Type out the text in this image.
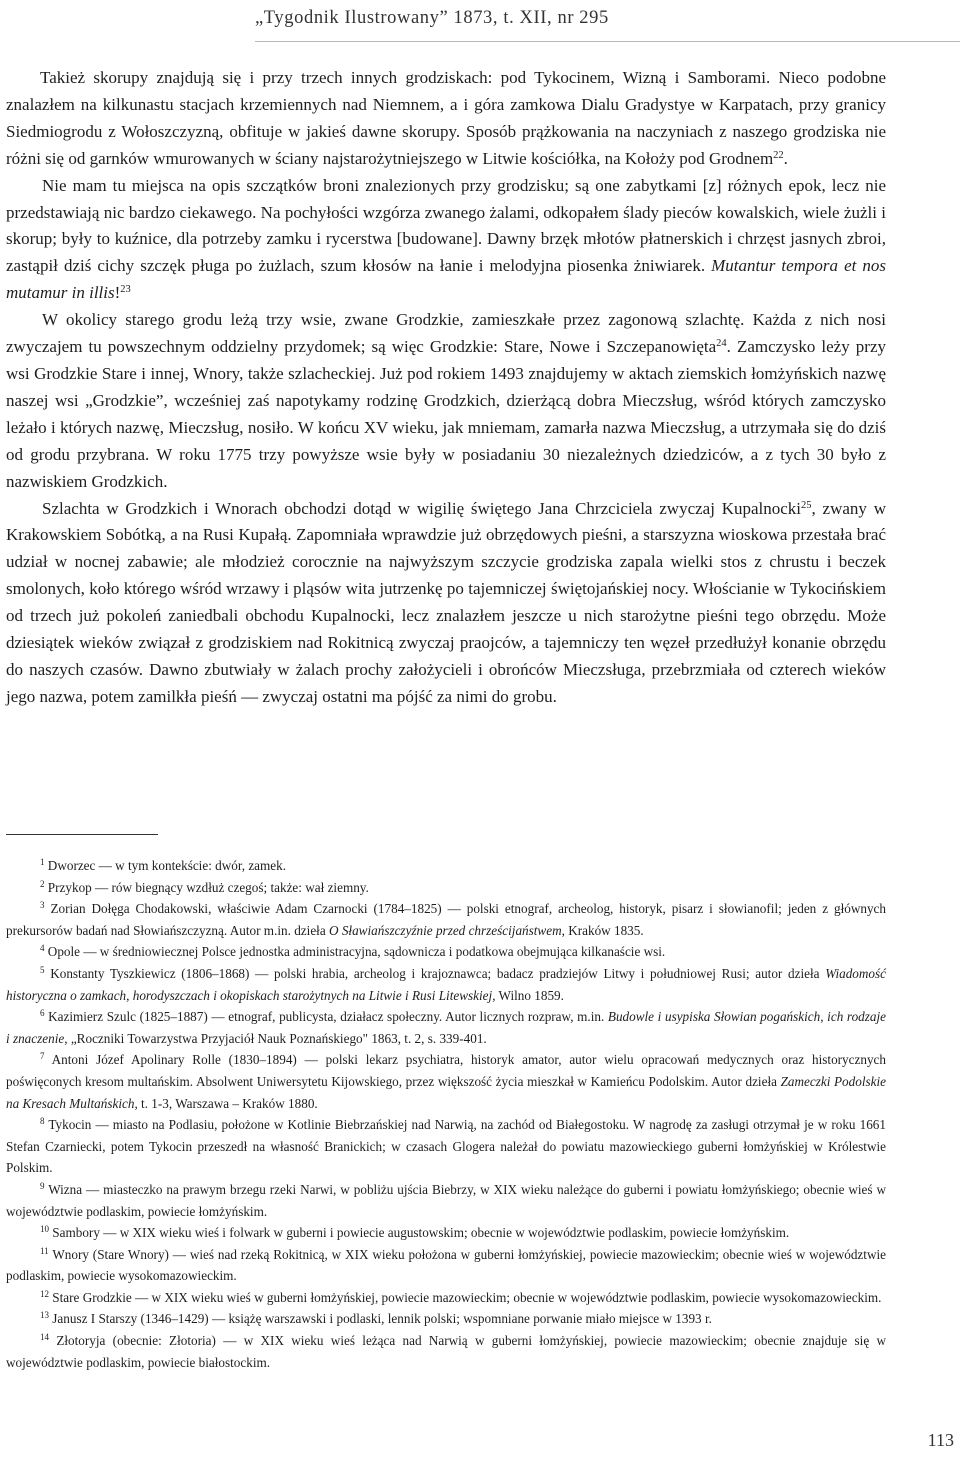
„Tygodnik Ilustrowany” 1873, t. XII, nr 295

Takież skorupy znajdują się i przy trzech innych grodziskach: pod Tykocinem, Wizną i Samborami. Nieco podobne znalazłem na kilkunastu stacjach krzemiennych nad Niemnem, a i góra zamkowa Dialu Gradystye w Karpatach, przy granicy Siedmiogrodu z Wołoszczyzną, obfituje w jakieś dawne skorupy. Sposób prążkowania na naczyniach z naszego grodziska nie różni się od garnków wmurowanych w ściany najstarożytniejszego w Litwie kościółka, na Kołoży pod Grodnem$^{22}$.

Nie mam tu miejsca na opis szczątków broni znalezionych przy grodzisku; są one zabytkami [z] różnych epok, lecz nie przedstawiają nic bardzo ciekawego. Na pochyłości wzgórza zwanego żalami, odkopałem ślady pieców kowalskich, wiele żużli i skorup; były to kuźnice, dla potrzeby zamku i rycerstwa [budowane]. Dawny brzęk młotów płatnerskich i chrzęst jasnych zbroi, zastąpił dziś cichy szczęk pługa po żużlach, szum kłosów na łanie i melodyjna piosenka żniwiarek. Mutantur tempora et nos mutamur in illis!$^{23}$

W okolicy starego grodu leżą trzy wsie, zwane Grodzkie, zamieszkałe przez zagonową szlachtę. Każda z nich nosi zwyczajem tu powszechnym oddzielny przydomek; są więc Grodzkie: Stare, Nowe i Szczepanowięta$^{24}$. Zamczysko leży przy wsi Grodzkie Stare i innej, Wnory, także szlacheckiej. Już pod rokiem 1493 znajdujemy w aktach ziemskich łomżyńskich nazwę naszej wsi „Grodzkie”, wcześniej zaś napotykamy rodzinę Grodzkich, dzierżącą dobra Mieczsług, wśród których zamczysko leżało i których nazwę, Mieczsług, nosiło. W końcu XV wieku, jak mniemam, zamarła nazwa Mieczsług, a utrzymała się do dziś od grodu przybrana. W roku 1775 trzy powyższe wsie były w posiadaniu 30 niezależnych dziedziców, a z tych 30 było z nazwiskiem Grodzkich.

Szlachta w Grodzkich i Wnorach obchodzi dotąd w wigilię świętego Jana Chrzciciela zwyczaj Kupalnocki$^{25}$, zwany w Krakowskiem Sobótką, a na Rusi Kupałą. Zapomniała wprawdzie już obrzędowych pieśni, a starszyzna wioskowa przestała brać udział w nocnej zabawie; ale młodzież corocznie na najwyższym szczycie grodziska zapala wielki stos z chrustu i beczek smolonych, koło którego wśród wrzawy i pląsów wita jutrzenkę po tajemniczej świętojańskiej nocy. Włościanie w Tykocińskiem od trzech już pokoleń zaniedbali obchodu Kupalnocki, lecz znalazłem jeszcze u nich starożytne pieśni tego obrzędu. Może dziesiątek wieków związał z grodziskiem nad Rokitnicą zwyczaj praojców, a tajemniczy ten węzeł przedłużył konanie obrzędu do naszych czasów. Dawno zbutwiały w żalach prochy założycieli i obrońców Mieczsługa, przebrzmiała od czterech wieków jego nazwa, potem zamilkła pieśń — zwyczaj ostatni ma pójść za nimi do grobu.

$^1$ Dworzec — w tym kontekście: dwór, zamek.

$^2$ Przykop — rów biegnący wzdłuż czegoś; także: wał ziemny.

$^3$ Zorian Dołęga Chodakowski, właściwie Adam Czarnocki (1784–1825) — polski etnograf, archeolog, historyk, pisarz i słowianofil; jeden z głównych prekursorów badań nad Słowiańszczyzną. Autor m.in. dzieła O Sławiańszczyźnie przed chrześcijaństwem, Kraków 1835.

$^4$ Opole — w średniowiecznej Polsce jednostka administracyjna, sądownicza i podatkowa obejmująca kilkanaście wsi.

$^5$ Konstanty Tyszkiewicz (1806–1868) — polski hrabia, archeolog i krajoznawca; badacz pradziejów Litwy i południowej Rusi; autor dzieła Wiadomość historyczna o zamkach, horodyszczach i okopiskach starożytnych na Litwie i Rusi Litewskiej, Wilno 1859.

$^6$ Kazimierz Szulc (1825–1887) — etnograf, publicysta, działacz społeczny. Autor licznych rozpraw, m.in. Budowle i usypiska Słowian pogańskich, ich rodzaje i znaczenie, „Roczniki Towarzystwa Przyjaciół Nauk Poznańskiego" 1863, t. 2, s. 339-401.

$^7$ Antoni Józef Apolinary Rolle (1830–1894) — polski lekarz psychiatra, historyk amator, autor wielu opracowań medycznych oraz historycznych poświęconych kresom multańskim. Absolwent Uniwersytetu Kijowskiego, przez większość życia mieszkał w Kamieńcu Podolskim. Autor dzieła Zameczki Podolskie na Kresach Multańskich, t. 1-3, Warszawa – Kraków 1880.

$^8$ Tykocin — miasto na Podlasiu, położone w Kotlinie Biebrzańskiej nad Narwią, na zachód od Białegostoku. W nagrodę za zasługi otrzymał je w roku 1661 Stefan Czarniecki, potem Tykocin przeszedł na własność Branickich; w czasach Glogera należał do powiatu mazowieckiego guberni łomżyńskiej w Królestwie Polskim.

$^9$ Wizna — miasteczko na prawym brzegu rzeki Narwi, w pobliżu ujścia Biebrzy, w XIX wieku należące do guberni i powiatu łomżyńskiego; obecnie wieś w województwie podlaskim, powiecie łomżyńskim.

$^{10}$ Sambory — w XIX wieku wieś i folwark w guberni i powiecie augustowskim; obecnie w województwie podlaskim, powiecie łomżyńskim.

$^{11}$ Wnory (Stare Wnory) — wieś nad rzeką Rokitnicą, w XIX wieku położona w guberni łomżyńskiej, powiecie mazowieckim; obecnie wieś w województwie podlaskim, powiecie wysokomazowieckim.

$^{12}$ Stare Grodzkie — w XIX wieku wieś w guberni łomżyńskiej, powiecie mazowieckim; obecnie w województwie podlaskim, powiecie wysokomazowieckim.

$^{13}$ Janusz I Starszy (1346–1429) — książę warszawski i podlaski, lennik polski; wspomniane porwanie miało miejsce w 1393 r.

$^{14}$ Złotoryja (obecnie: Złotoria) — w XIX wieku wieś leżąca nad Narwią w guberni łomżyńskiej, powiecie mazowieckim; obecnie znajduje się w województwie podlaskim, powiecie białostockim.

113
